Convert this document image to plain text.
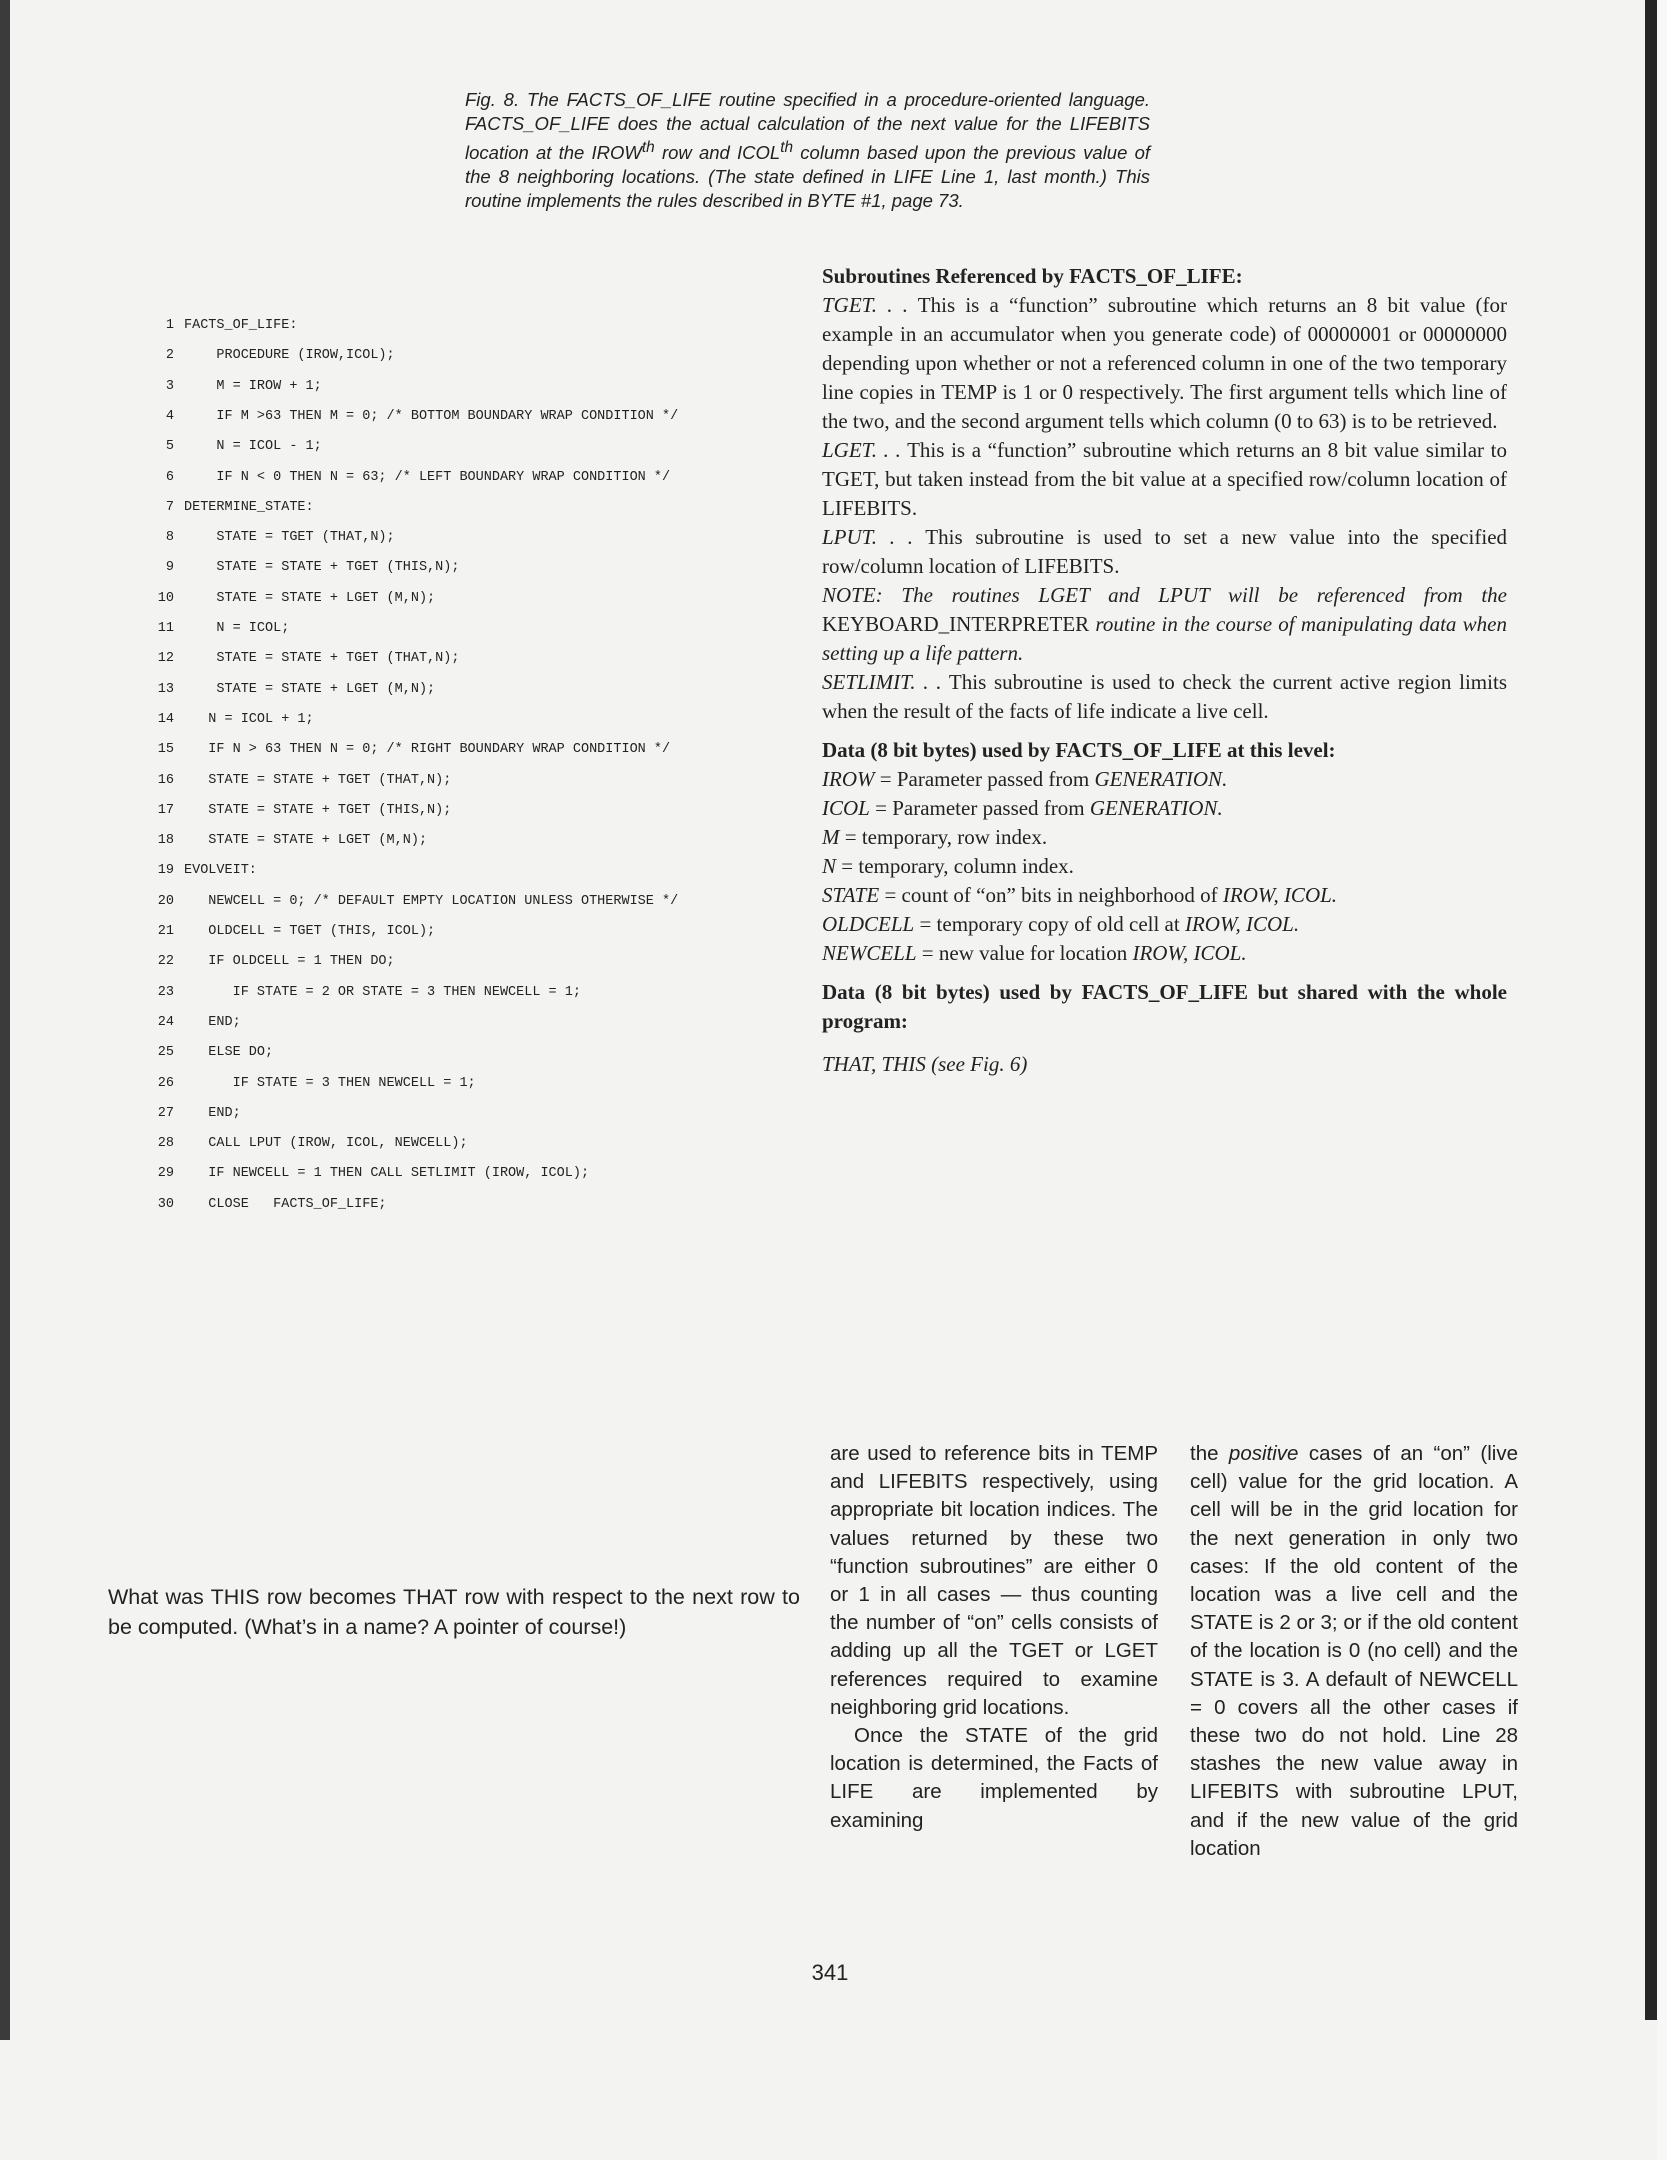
Fig. 8. The FACTS_OF_LIFE routine specified in a procedure-oriented language. FACTS_OF_LIFE does the actual calculation of the next value for the LIFEBITS location at the $IROW^{th}$ row and $ICOL^{th}$ column based upon the previous value of the 8 neighboring locations. (The state defined in LIFE Line 1, last month.) This routine implements the rules described in BYTE #1, page 73.
1 FACTS_OF_LIFE:
2 PROCEDURE (IROW,ICOL);
3 M = IROW + 1;
4 IF M >63 THEN M = 0; /* BOTTOM BOUNDARY WRAP CONDITION */
5 N = ICOL - 1;
6 IF N < 0 THEN N = 63; /* LEFT BOUNDARY WRAP CONDITION */
7 DETERMINE_STATE:
8 STATE = TGET (THAT,N);
9 STATE = STATE + TGET (THIS,N);
10 STATE = STATE + LGET (M,N);
11 N = ICOL;
12 STATE = STATE + TGET (THAT,N);
13 STATE = STATE + LGET (M,N);
14 N = ICOL + 1;
15 IF N > 63 THEN N = 0; /* RIGHT BOUNDARY WRAP CONDITION */
16 STATE = STATE + TGET (THAT,N);
17 STATE = STATE + TGET (THIS,N);
18 STATE = STATE + LGET (M,N);
19 EVOLVEIT:
20 NEWCELL = 0; /* DEFAULT EMPTY LOCATION UNLESS OTHERWISE */
21 OLDCELL = TGET (THIS, ICOL);
22 IF OLDCELL = 1 THEN DO;
23 IF STATE = 2 OR STATE = 3 THEN NEWCELL = 1;
24 END;
25 ELSE DO;
26 IF STATE = 3 THEN NEWCELL = 1;
27 END;
28 CALL LPUT (IROW, ICOL, NEWCELL);
29 IF NEWCELL = 1 THEN CALL SETLIMIT (IROW, ICOL);
30 CLOSE   FACTS_OF_LIFE;

Subroutines Referenced by FACTS_OF_LIFE:

TGET. . . This is a “function” subroutine which returns an 8 bit value (for example in an accumulator when you generate code) of 00000001 or 00000000 depending upon whether or not a referenced column in one of the two temporary line copies in TEMP is 1 or 0 respectively. The first argument tells which line of the two, and the second argument tells which column (0 to 63) is to be retrieved.

LGET. . . This is a “function” subroutine which returns an 8 bit value similar to TGET, but taken instead from the bit value at a specified row/column location of LIFEBITS.

LPUT. . . This subroutine is used to set a new value into the specified row/column location of LIFEBITS.

NOTE: The routines LGET and LPUT will be referenced from the KEYBOARD_INTERPRETER routine in the course of manipulating data when setting up a life pattern.

SETLIMIT. . . This subroutine is used to check the current active region limits when the result of the facts of life indicate a live cell.

Data (8 bit bytes) used by FACTS_OF_LIFE at this level:

IROW = Parameter passed from GENERATION.

ICOL = Parameter passed from GENERATION.

M = temporary, row index.

N = temporary, column index.

STATE = count of “on” bits in neighborhood of IROW, ICOL.

OLDCELL = temporary copy of old cell at IROW, ICOL.

NEWCELL = new value for location IROW, ICOL.

Data (8 bit bytes) used by FACTS_OF_LIFE but shared with the whole program:

THAT, THIS (see Fig. 6)

What was THIS row becomes THAT row with respect to the next row to be computed. (What’s in a name? A pointer of course!)

are used to reference bits in TEMP and LIFEBITS respectively, using appropriate bit location indices. The values returned by these two “function subroutines” are either 0 or 1 in all cases — thus counting the number of “on” cells consists of adding up all the TGET or LGET references required to examine neighboring grid locations.

Once the STATE of the grid location is determined, the Facts of LIFE are implemented by examining

the positive cases of an “on” (live cell) value for the grid location. A cell will be in the grid location for the next generation in only two cases: If the old content of the location was a live cell and the STATE is 2 or 3; or if the old content of the location is 0 (no cell) and the STATE is 3. A default of NEWCELL = 0 covers all the other cases if these two do not hold. Line 28 stashes the new value away in LIFEBITS with subroutine LPUT, and if the new value of the grid location

341
